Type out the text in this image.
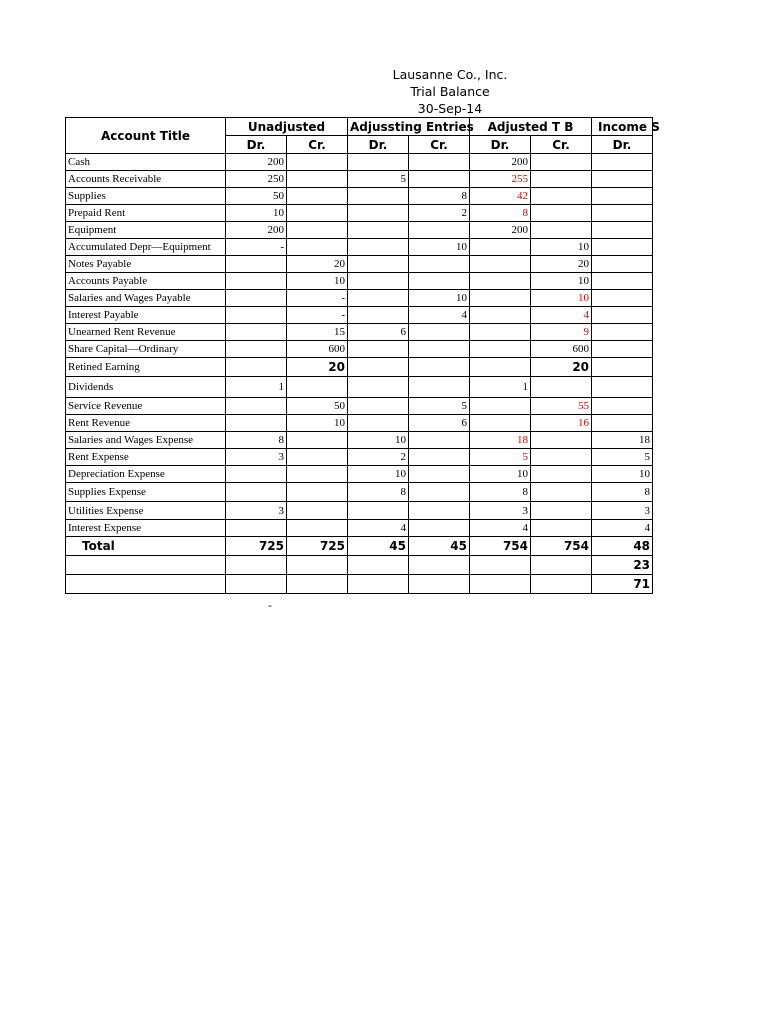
Lausanne Co., Inc.
Trial Balance
30-Sep-14
Account Title	Unadjusted		Adjussting Entries		Adjusted T B		Income S
	Dr.	Cr.	Dr.	Cr.	Dr.	Cr.	Dr.
Cash	200				200		
Accounts Receivable	250		5		255		
Supplies	50			8	42		
Prepaid Rent	10			2	8		
Equipment	200				200		
Accumulated Depr—Equipment	-			10		10	
Notes Payable		20				20	
Accounts Payable		10				10	
Salaries and Wages Payable		-		10		10	
Interest Payable		-		4		4	
Unearned Rent Revenue		15	6			9	
Share Capital—Ordinary		600				600	
Retined Earning		20				20	
Dividends	1				1		
Service Revenue		50		5		55	
Rent Revenue		10		6		16	
Salaries and Wages Expense	8		10		18		18
Rent Expense	3		2		5		5
Depreciation Expense			10		10		10
Supplies Expense			8		8		8
Utilities Expense	3				3		3
Interest Expense			4		4		4
Total	725	725	45	45	754	754	48
							23
							71
-
